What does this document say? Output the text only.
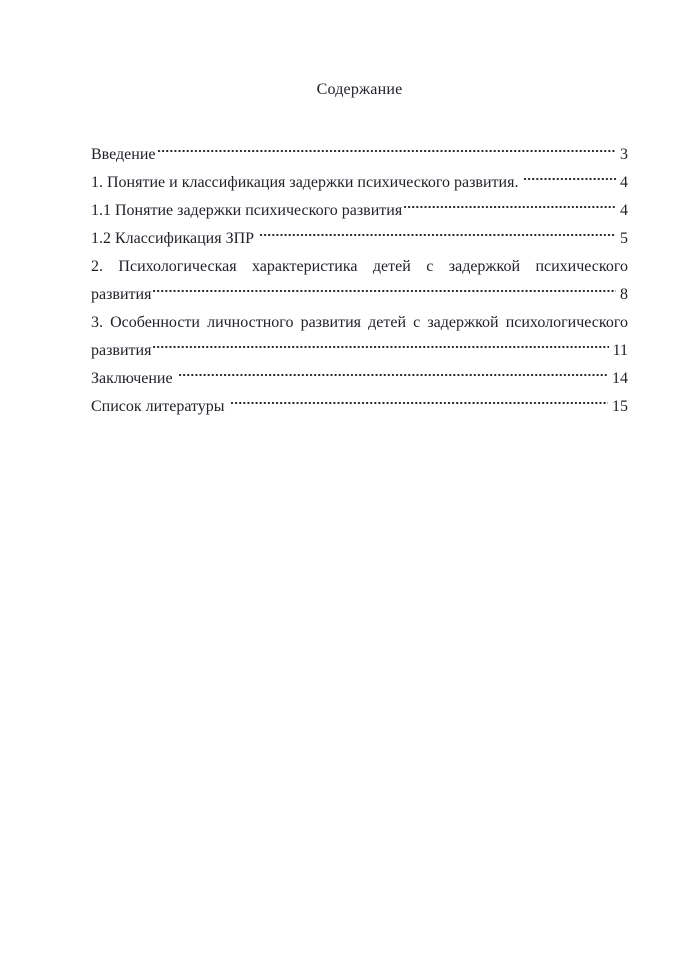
Содержание
Введение	3
1. Понятие и классификация задержки психического развития.	4
1.1 Понятие задержки психического развития	4
1.2 Классификация ЗПР	5
2. Психологическая характеристика детей с задержкой психического
развития	8
3. Особенности личностного развития детей с задержкой психологического
развития	11
Заключение	14
Список литературы	15
